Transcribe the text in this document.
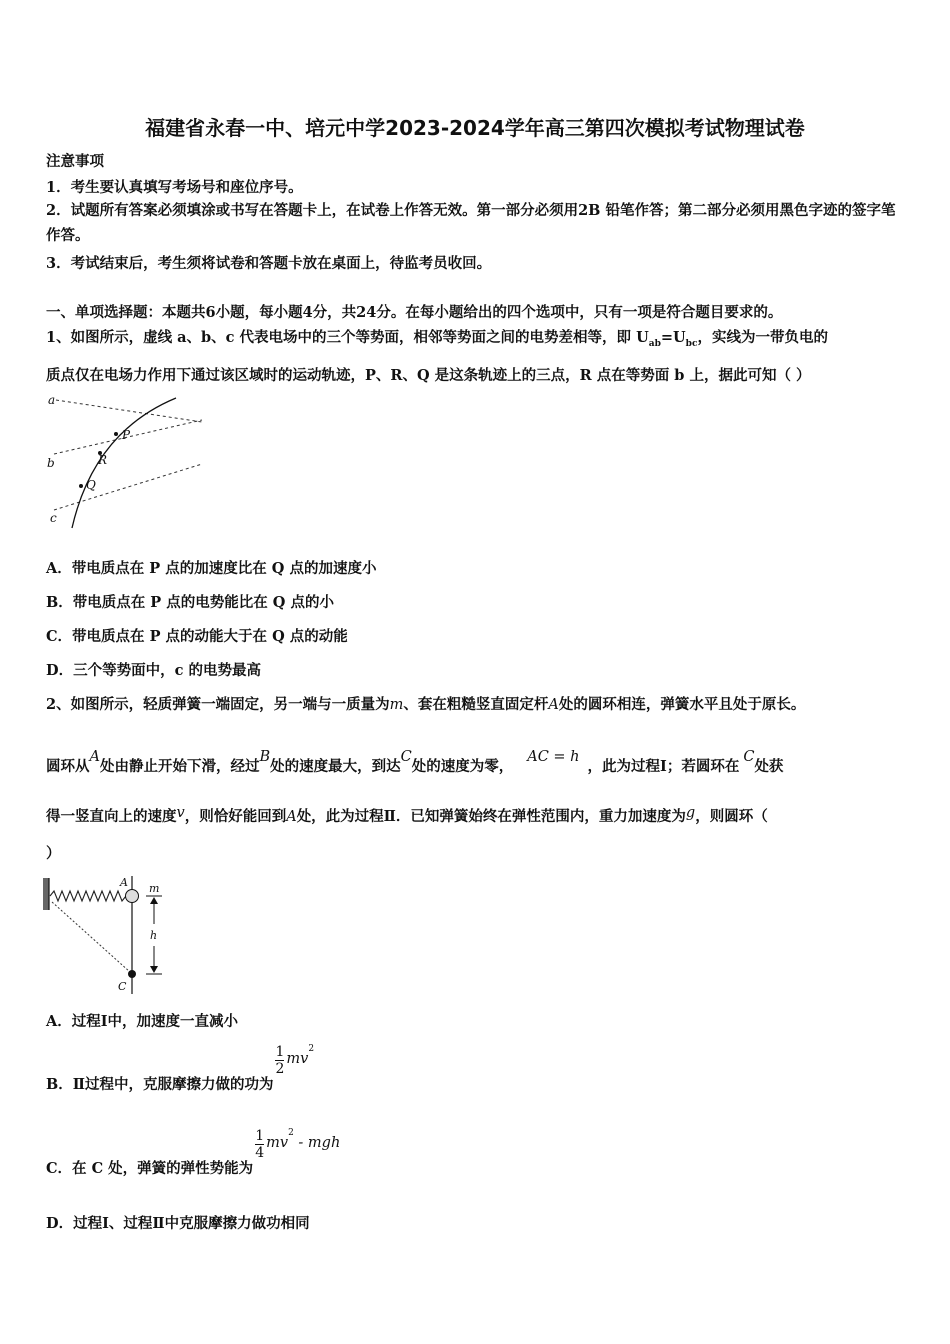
福建省永春一中、培元中学2023-2024学年高三第四次模拟考试物理试卷
注意事项
1．考生要认真填写考场号和座位序号。
2．试题所有答案必须填涂或书写在答题卡上，在试卷上作答无效。第一部分必须用2B 铅笔作答；第二部分必须用黑色字迹的签字笔作答。
3．考试结束后，考生须将试卷和答题卡放在桌面上，待监考员收回。
一、单项选择题：本题共6小题，每小题4分，共24分。在每小题给出的四个选项中，只有一项是符合题目要求的。
1、如图所示，虚线 a、b、c 代表电场中的三个等势面，相邻等势面之间的电势差相等，即 $U_{ab}=U_{bc}$，实线为一带负电的
质点仅在电场力作用下通过该区域时的运动轨迹，P、R、Q 是这条轨迹上的三点，R 点在等势面 b 上，据此可知（ ）
a
b
c
P
R
Q
A．带电质点在 P 点的加速度比在 Q 点的加速度小
B．带电质点在 P 点的电势能比在 Q 点的小
C．带电质点在 P 点的动能大于在 Q 点的动能
D．三个等势面中，c 的电势最高
2、如图所示，轻质弹簧一端固定，另一端与一质量为m、套在粗糙竖直固定杆A处的圆环相连，弹簧水平且处于原长。
圆环从A处由静止开始下滑，经过B处的速度最大，到达C处的速度为零，AC = h，此为过程Ⅰ；若圆环在C处获
得一竖直向上的速度v，则恰好能回到A处，此为过程Ⅱ．已知弹簧始终在弹性范围内，重力加速度为g，则圆环（
）
A m
h
C
A．过程Ⅰ中，加速度一直减小
B．Ⅱ过程中，克服摩擦力做的功为
$\frac{1}{2} mv^2$
C．在 C 处，弹簧的弹性势能为
$\frac{1}{4} mv^2$ - mgh
D．过程Ⅰ、过程Ⅱ中克服摩擦力做功相同
